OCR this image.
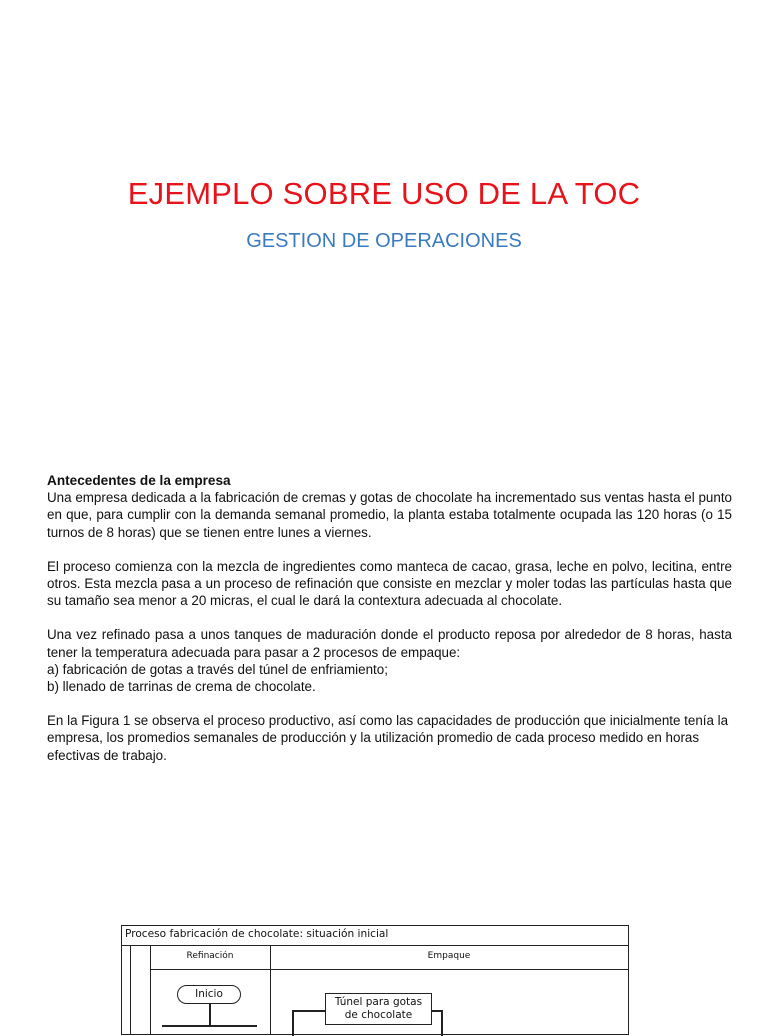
EJEMPLO SOBRE USO DE LA TOC
GESTION DE OPERACIONES
Antecedentes de la empresa

Una empresa dedicada a la fabricación de cremas y gotas de chocolate ha incrementado sus ventas hasta el punto en que, para cumplir con la demanda semanal promedio, la planta estaba totalmente ocupada las 120 horas (o 15 turnos de 8 horas) que se tienen entre lunes a viernes.

El proceso comienza con la mezcla de ingredientes como manteca de cacao, grasa, leche en polvo, lecitina, entre otros. Esta mezcla pasa a un proceso de refinación que consiste en mezclar y moler todas las partículas hasta que su tamaño sea menor a 20 micras, el cual le dará la contextura adecuada al chocolate.

Una vez refinado pasa a unos tanques de maduración donde el producto reposa por alrededor de 8 horas, hasta tener la temperatura adecuada para pasar a 2 procesos de empaque:
a) fabricación de gotas a través del túnel de enfriamiento;
b) llenado de tarrinas de crema de chocolate.

En la Figura 1 se observa el proceso productivo, así como las capacidades de producción que inicialmente tenía la empresa, los promedios semanales de producción y la utilización promedio de cada proceso medido en horas efectivas de trabajo.

Proceso fabricación de chocolate: situación inicial
Refinación	Empaque
Inicio
Túnel para gotas
de chocolate
